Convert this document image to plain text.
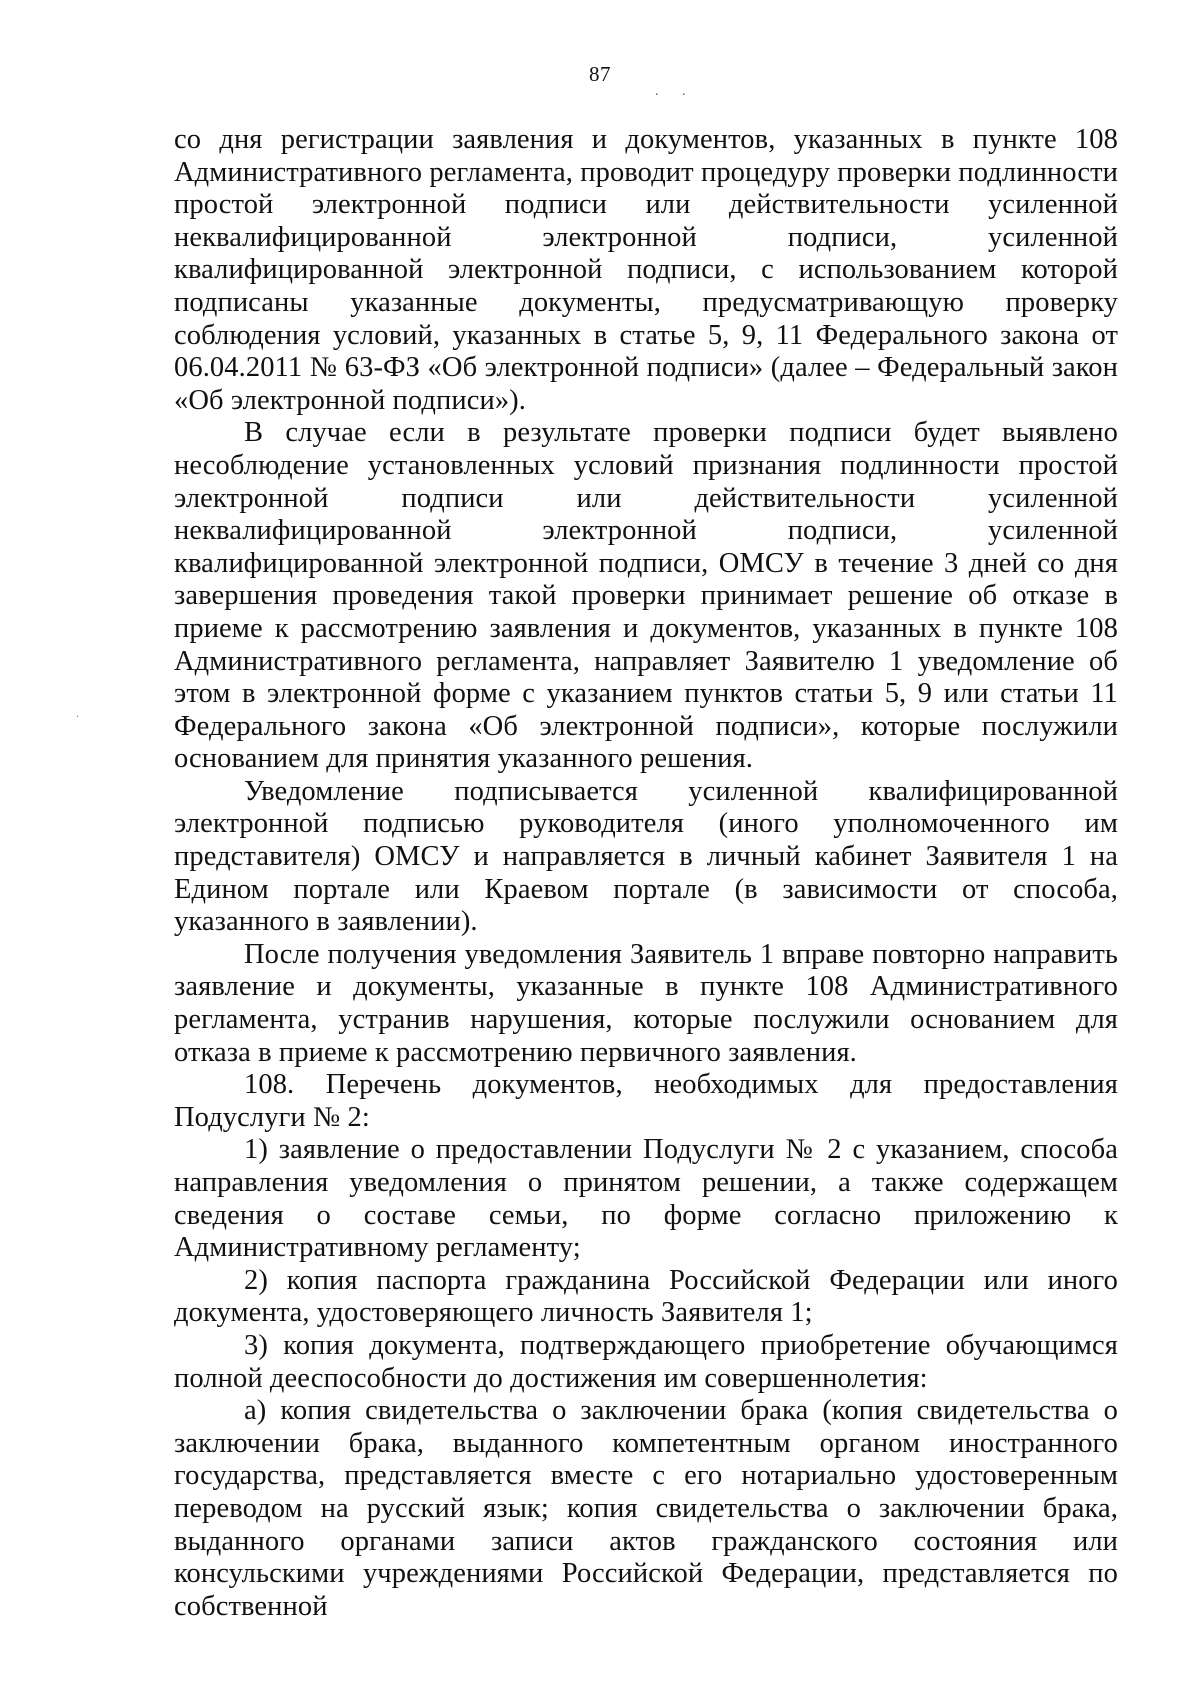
87
. .
.

со дня регистрации заявления и документов, указанных в пункте 108 Административного регламента, проводит процедуру проверки подлинности простой электронной подписи или действительности усиленной неквалифицированной электронной подписи, усиленной квалифицированной электронной подписи, с использованием которой подписаны указанные документы, предусматривающую проверку соблюдения условий, указанных в статье 5, 9, 11 Федерального закона от 06.04.2011 № 63-ФЗ «Об электронной подписи» (далее – Федеральный закон «Об электронной подписи»).

В случае если в результате проверки подписи будет выявлено несоблюдение установленных условий признания подлинности простой электронной подписи или действительности усиленной неквалифицированной электронной подписи, усиленной квалифицированной электронной подписи, ОМСУ в течение 3 дней со дня завершения проведения такой проверки принимает решение об отказе в приеме к рассмотрению заявления и документов, указанных в пункте 108 Административного регламента, направляет Заявителю 1 уведомление об этом в электронной форме с указанием пунктов статьи 5, 9 или статьи 11 Федерального закона «Об электронной подписи», которые послужили основанием для принятия указанного решения.

Уведомление подписывается усиленной квалифицированной электронной подписью руководителя (иного уполномоченного им представителя) ОМСУ и направляется в личный кабинет Заявителя 1 на Едином портале или Краевом портале (в зависимости от способа, указанного в заявлении).

После получения уведомления Заявитель 1 вправе повторно направить заявление и документы, указанные в пункте 108 Административного регламента, устранив нарушения, которые послужили основанием для отказа в приеме к рассмотрению первичного заявления.

108. Перечень документов, необходимых для предоставления Подуслуги № 2:

1) заявление о предоставлении Подуслуги № 2 с указанием, способа направления уведомления о принятом решении, а также содержащем сведения о составе семьи, по форме согласно приложению к Административному регламенту;

2) копия паспорта гражданина Российской Федерации или иного документа, удостоверяющего личность Заявителя 1;

3) копия документа, подтверждающего приобретение обучающимся полной дееспособности до достижения им совершеннолетия:

а) копия свидетельства о заключении брака (копия свидетельства о заключении брака, выданного компетентным органом иностранного государства, представляется вместе с его нотариально удостоверенным переводом на русский язык; копия свидетельства о заключении брака, выданного органами записи актов гражданского состояния или консульскими учреждениями Российской Федерации, представляется по собственной
